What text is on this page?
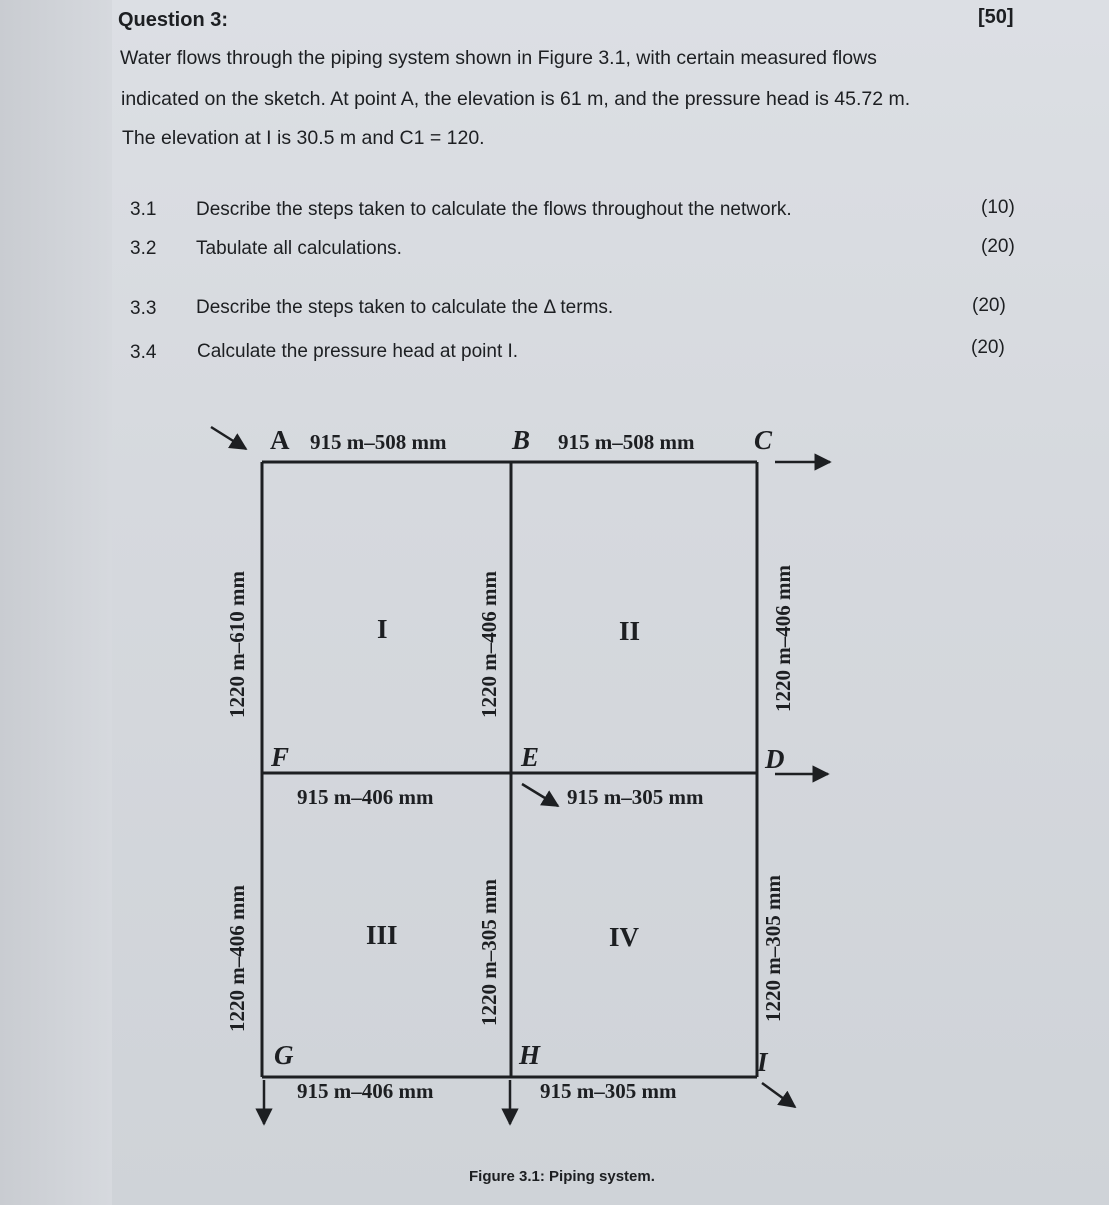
Question 3:	[50]
Water flows through the piping system shown in Figure 3.1, with certain measured flows
indicated on the sketch. At point A, the elevation is 61 m, and the pressure head is 45.72 m.
The elevation at I is 30.5 m and C1 = 120.
3.1 Describe the steps taken to calculate the flows throughout the network.	(10)
3.2 Tabulate all calculations.	(20)
3.3 Describe the steps taken to calculate the Δ terms.	(20)
3.4 Calculate the pressure head at point I.	(20)
A	B	C
F	E	D
G	H	I
I	II
III	IV
915 m–508 mm	915 m–508 mm
915 m–406 mm	915 m–305 mm
915 m–406 mm	915 m–305 mm
1220 m–610 mm	1220 m–406 mm	1220 m–406 mm
1220 m–406 mm	1220 m–305 mm	1220 m–305 mm
Figure 3.1: Piping system.
